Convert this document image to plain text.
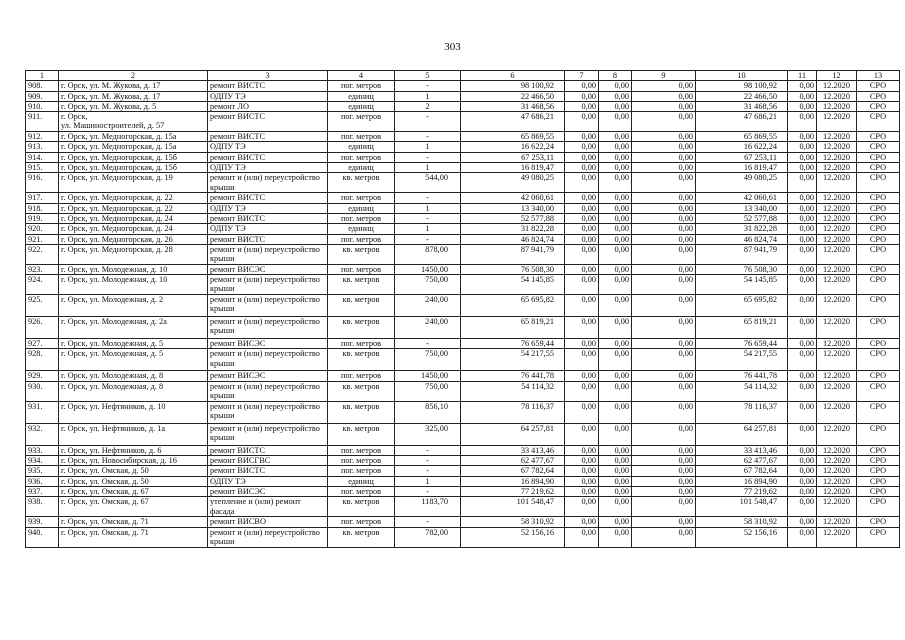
303
1	2	3	4	5	6	7	8	9	10	11	12	13
908.	г. Орск, ул. М. Жукова, д. 17	ремонт ВИСТС	пог. метров	-	98 100,92	0,00	0,00	0,00	98 100,92	0,00	12.2020	СРО
909.	г. Орск, ул. М. Жукова, д. 17	ОДПУ ТЭ	единиц	1	22 466,50	0,00	0,00	0,00	22 466,50	0,00	12.2020	СРО
910.	г. Орск, ул. М. Жукова, д. 5	ремонт ЛО	единиц	2	31 468,56	0,00	0,00	0,00	31 468,56	0,00	12.2020	СРО
911.	г. Орск,
ул. Машиностроителей, д. 57	ремонт ВИСТС	пог. метров	-	47 686,21	0,00	0,00	0,00	47 686,21	0,00	12.2020	СРО
912.	г. Орск, ул. Медногорская, д. 15а	ремонт ВИСТС	пог. метров	-	65 869,55	0,00	0,00	0,00	65 869,55	0,00	12.2020	СРО
913.	г. Орск, ул. Медногорская, д. 15а	ОДПУ ТЭ	единиц	1	16 622,24	0,00	0,00	0,00	16 622,24	0,00	12.2020	СРО
914.	г. Орск, ул. Медногорская, д. 15б	ремонт ВИСТС	пог. метров	-	67 253,11	0,00	0,00	0,00	67 253,11	0,00	12.2020	СРО
915.	г. Орск, ул. Медногорская, д. 15б	ОДПУ ТЭ	единиц	1	16 819,47	0,00	0,00	0,00	16 819,47	0,00	12.2020	СРО
916.	г. Орск, ул. Медногорская, д. 19	ремонт и (или) переустройство крыши	кв. метров	544,00	49 080,25	0,00	0,00	0,00	49 080,25	0,00	12.2020	СРО
917.	г. Орск, ул. Медногорская, д. 22	ремонт ВИСТС	пог. метров	-	42 060,61	0,00	0,00	0,00	42 060,61	0,00	12.2020	СРО
918.	г. Орск, ул. Медногорская, д. 22	ОДПУ ТЭ	единиц	1	13 340,00	0,00	0,00	0,00	13 340,00	0,00	12.2020	СРО
919.	г. Орск, ул. Медногорская, д. 24	ремонт ВИСТС	пог. метров	-	52 577,88	0,00	0,00	0,00	52 577,88	0,00	12.2020	СРО
920.	г. Орск, ул. Медногорская, д. 24	ОДПУ ТЭ	единиц	1	31 822,28	0,00	0,00	0,00	31 822,28	0,00	12.2020	СРО
921.	г. Орск, ул. Медногорская, д. 26	ремонт ВИСТС	пог. метров	-	46 824,74	0,00	0,00	0,00	46 824,74	0,00	12.2020	СРО
922.	г. Орск, ул. Медногорская, д. 28	ремонт и (или) переустройство крыши	кв. метров	878,00	87 941,79	0,00	0,00	0,00	87 941,79	0,00	12.2020	СРО
923.	г. Орск, ул. Молодежная, д. 10	ремонт ВИСЭС	пог. метров	1450,00	76 508,30	0,00	0,00	0,00	76 508,30	0,00	12.2020	СРО
924.	г. Орск, ул. Молодежная, д. 10	ремонт и (или) переустройство крыши	кв. метров	750,00	54 145,85	0,00	0,00	0,00	54 145,85	0,00	12.2020	СРО
925.	г. Орск, ул. Молодежная, д. 2	ремонт и (или) переустройство крыши	кв. метров	240,00	65 695,82	0,00	0,00	0,00	65 695,82	0,00	12.2020	СРО
926.	г. Орск, ул. Молодежная, д. 2а	ремонт и (или) переустройство крыши	кв. метров	240,00	65 819,21	0,00	0,00	0,00	65 819,21	0,00	12.2020	СРО
927.	г. Орск, ул. Молодежная, д. 5	ремонт ВИСЭС	пог. метров	-	76 659,44	0,00	0,00	0,00	76 659,44	0,00	12.2020	СРО
928.	г. Орск, ул. Молодежная, д. 5	ремонт и (или) переустройство крыши	кв. метров	750,00	54 217,55	0,00	0,00	0,00	54 217,55	0,00	12.2020	СРО
929.	г. Орск, ул. Молодежная, д. 8	ремонт ВИСЭС	пог. метров	1450,00	76 441,78	0,00	0,00	0,00	76 441,78	0,00	12.2020	СРО
930.	г. Орск, ул. Молодежная, д. 8	ремонт и (или) переустройство крыши	кв. метров	750,00	54 114,32	0,00	0,00	0,00	54 114,32	0,00	12.2020	СРО
931.	г. Орск, ул. Нефтяников, д. 10	ремонт и (или) переустройство крыши	кв. метров	856,10	78 116,37	0,00	0,00	0,00	78 116,37	0,00	12.2020	СРО
932.	г. Орск, ул. Нефтяников, д. 1а	ремонт и (или) переустройство крыши	кв. метров	325,00	64 257,81	0,00	0,00	0,00	64 257,81	0,00	12.2020	СРО
933.	г. Орск, ул. Нефтяников, д. 6	ремонт ВИСТС	пог. метров	-	33 413,46	0,00	0,00	0,00	33 413,46	0,00	12.2020	СРО
934.	г. Орск, ул. Новосибирская, д. 16	ремонт ВИСГВС	пог. метров	-	62 477,67	0,00	0,00	0,00	62 477,67	0,00	12.2020	СРО
935.	г. Орск, ул. Омская, д. 50	ремонт ВИСТС	пог. метров	-	67 782,64	0,00	0,00	0,00	67 782,64	0,00	12.2020	СРО
936.	г. Орск, ул. Омская, д. 50	ОДПУ ТЭ	единиц	1	16 894,90	0,00	0,00	0,00	16 894,90	0,00	12.2020	СРО
937.	г. Орск, ул. Омская, д. 67	ремонт ВИСЭС	пог. метров	-	77 219,62	0,00	0,00	0,00	77 219,62	0,00	12.2020	СРО
938.	г. Орск, ул. Омская, д. 67	утепление и (или) ремонт фасада	кв. метров	1183,70	101 548,47	0,00	0,00	0,00	101 548,47	0,00	12.2020	СРО
939.	г. Орск, ул. Омская, д. 71	ремонт ВИСВО	пог. метров	-	58 310,92	0,00	0,00	0,00	58 310,92	0,00	12.2020	СРО
940.	г. Орск, ул. Омская, д. 71	ремонт и (или) переустройство крыши	кв. метров	782,00	52 156,16	0,00	0,00	0,00	52 156,16	0,00	12.2020	СРО
